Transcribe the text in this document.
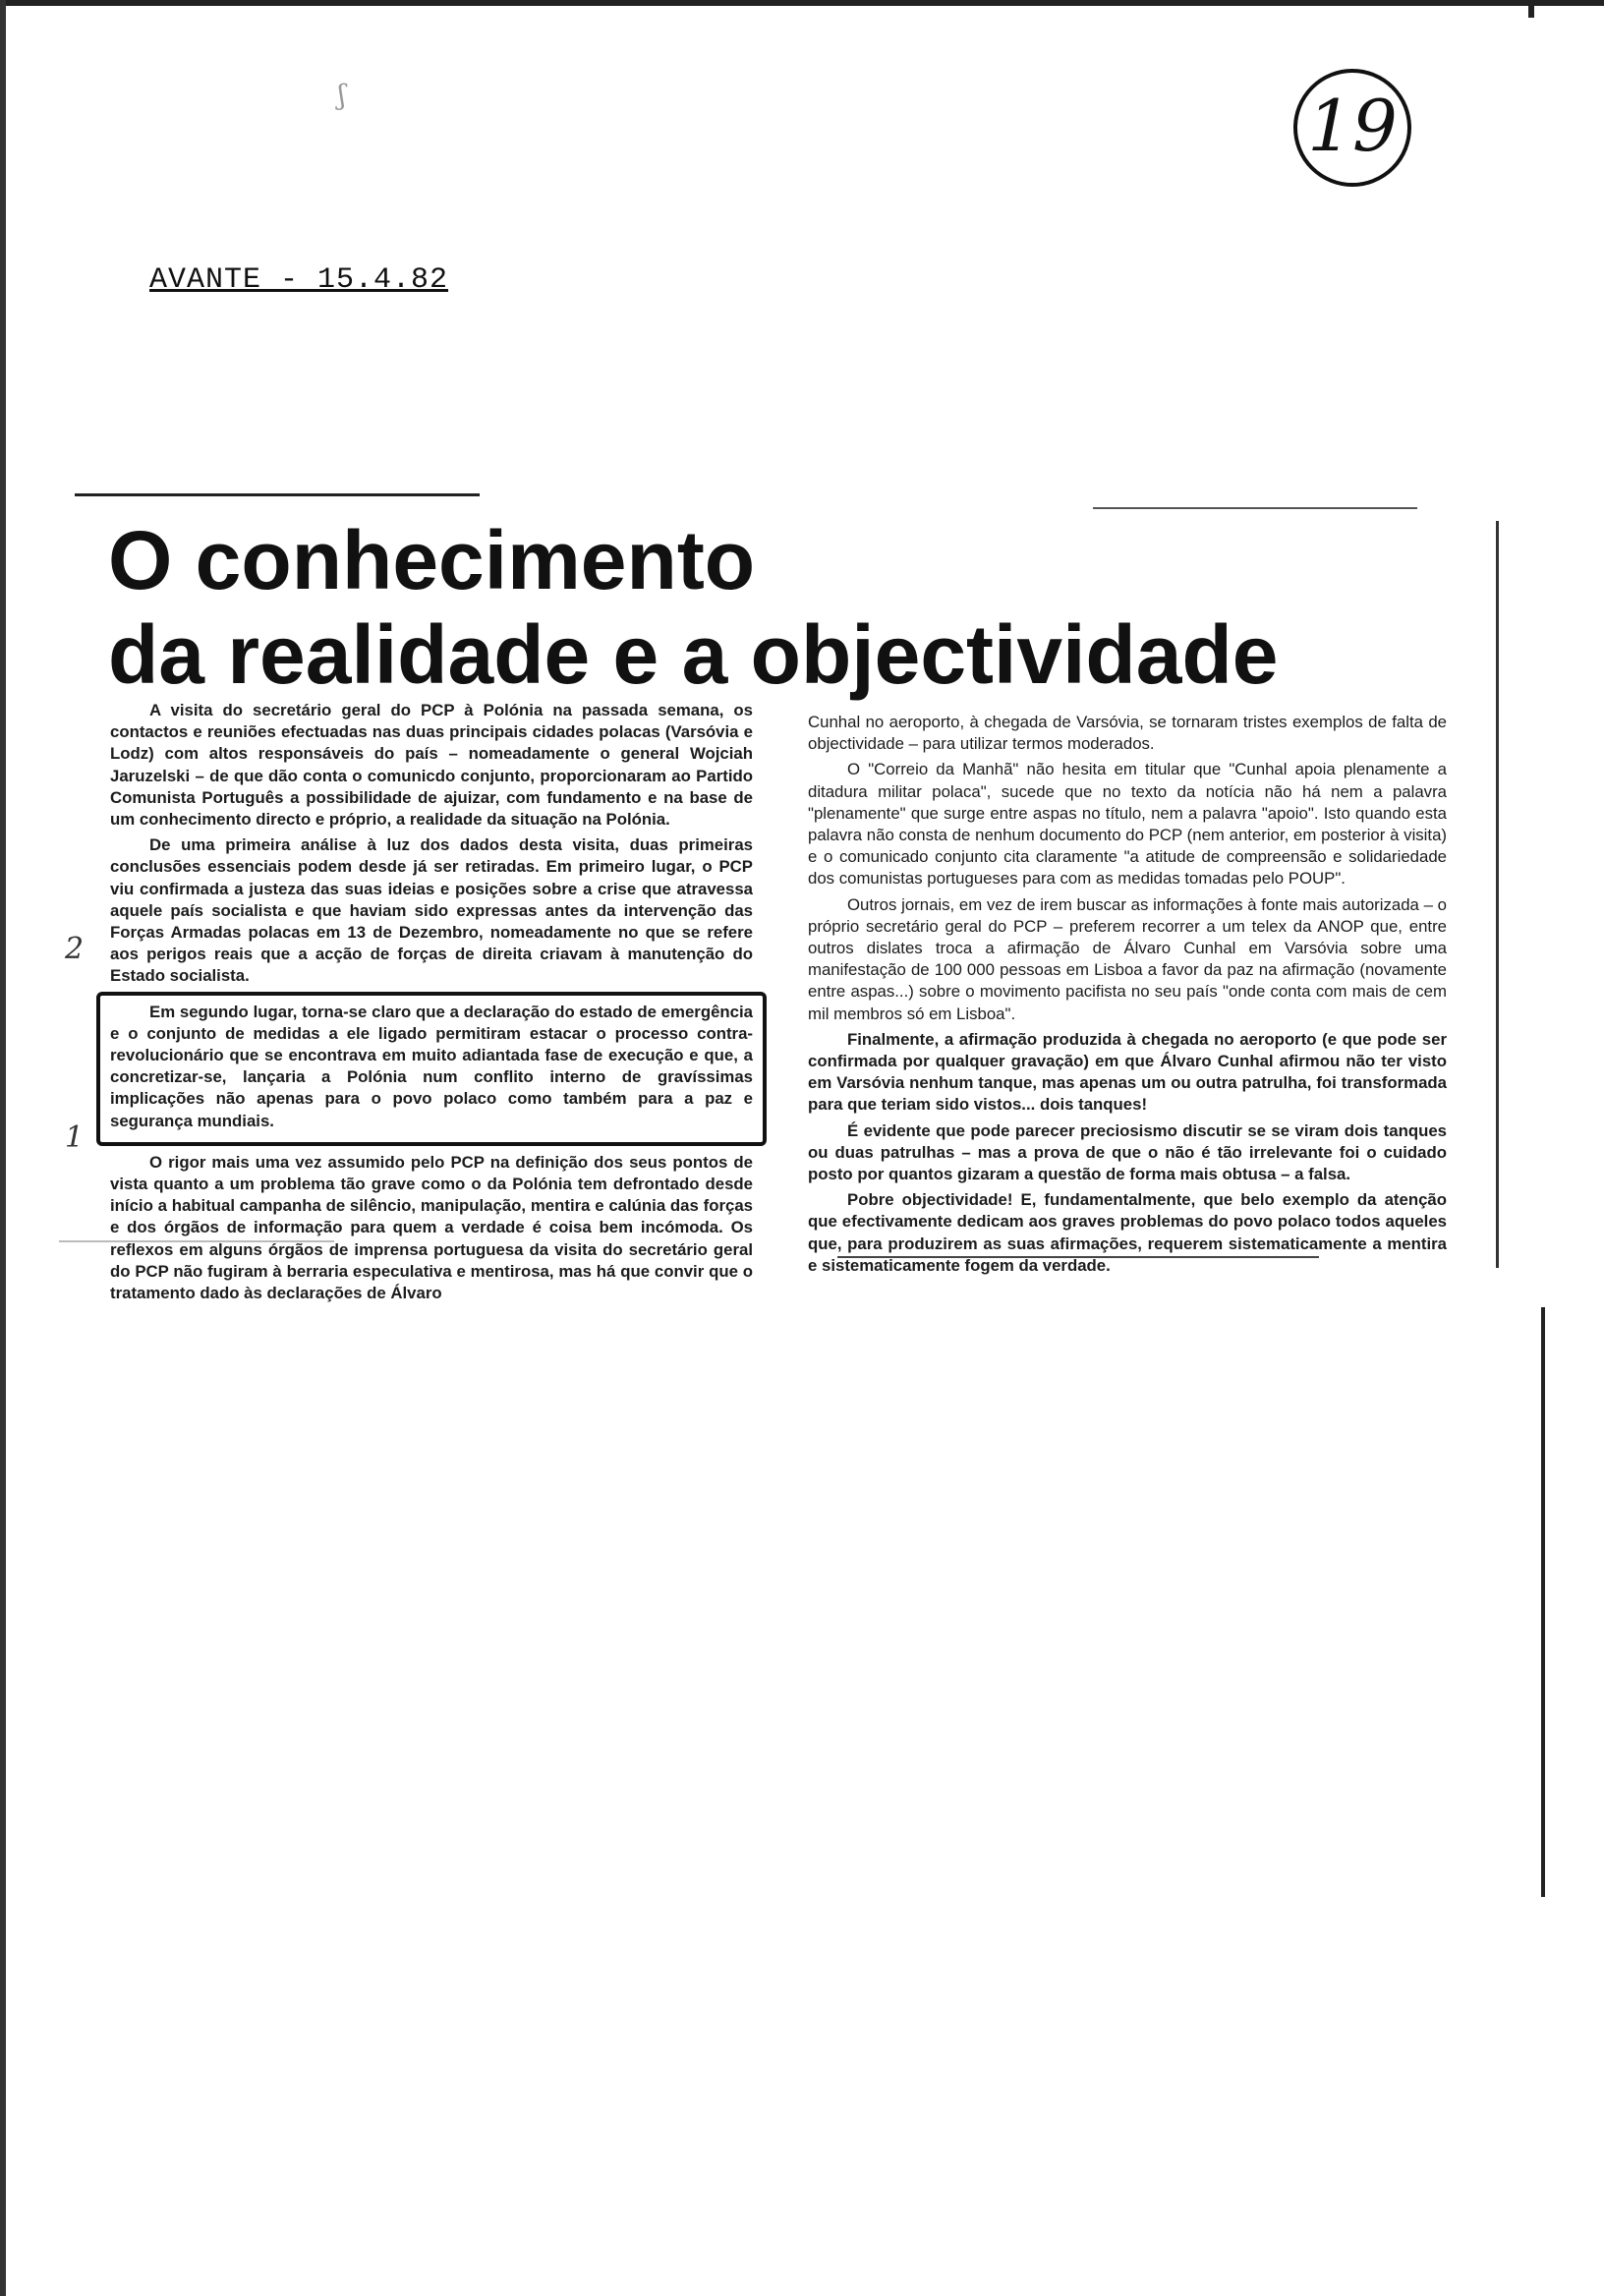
ʃ	19
AVANTE - 15.4.82
O conhecimento
da realidade e a objectividade
2
1

A visita do secretário geral do PCP à Polónia na passada semana, os contactos e reuniões efectuadas nas duas principais cidades polacas (Varsóvia e Lodz) com altos responsáveis do país – nomeadamente o general Wojciah Jaruzelski – de que dão conta o comunicdo conjunto, proporcionaram ao Partido Comunista Português a possibilidade de ajuizar, com fundamento e na base de um conhecimento directo e próprio, a realidade da situação na Polónia.

De uma primeira análise à luz dos dados desta visita, duas primeiras conclusões essenciais podem desde já ser retiradas. Em primeiro lugar, o PCP viu confirmada a justeza das suas ideias e posições sobre a crise que atravessa aquele país socialista e que haviam sido expressas antes da intervenção das Forças Armadas polacas em 13 de Dezembro, nomeadamente no que se refere aos perigos reais que a acção de forças de direita criavam à manutenção do Estado socialista.

Em segundo lugar, torna-se claro que a declaração do estado de emergência e o conjunto de medidas a ele ligado permitiram estacar o processo contra-revolucionário que se encontrava em muito adiantada fase de execução e que, a concretizar-se, lançaria a Polónia num conflito interno de gravíssimas implicações não apenas para o povo polaco como também para a paz e segurança mundiais.

O rigor mais uma vez assumido pelo PCP na definição dos seus pontos de vista quanto a um problema tão grave como o da Polónia tem defrontado desde início a habitual campanha de silêncio, manipulação, mentira e calúnia das forças e dos órgãos de informação para quem a verdade é coisa bem incómoda. Os reflexos em alguns órgãos de imprensa portuguesa da visita do secretário geral do PCP não fugiram à berraria especulativa e mentirosa, mas há que convir que o tratamento dado às declarações de Álvaro

Cunhal no aeroporto, à chegada de Varsóvia, se tornaram tristes exemplos de falta de objectividade – para utilizar termos moderados.

O "Correio da Manhã" não hesita em titular que "Cunhal apoia plenamente a ditadura militar polaca", sucede que no texto da notícia não há nem a palavra "plenamente" que surge entre aspas no título, nem a palavra "apoio". Isto quando esta palavra não consta de nenhum documento do PCP (nem anterior, em posterior à visita) e o comunicado conjunto cita claramente "a atitude de compreensão e solidariedade dos comunistas portugueses para com as medidas tomadas pelo POUP".

Outros jornais, em vez de irem buscar as informações à fonte mais autorizada – o próprio secretário geral do PCP – preferem recorrer a um telex da ANOP que, entre outros dislates troca a afirmação de Álvaro Cunhal em Varsóvia sobre uma manifestação de 100 000 pessoas em Lisboa a favor da paz na afirmação (novamente entre aspas...) sobre o movimento pacifista no seu país "onde conta com mais de cem mil membros só em Lisboa".

Finalmente, a afirmação produzida à chegada no aeroporto (e que pode ser confirmada por qualquer gravação) em que Álvaro Cunhal afirmou não ter visto em Varsóvia nenhum tanque, mas apenas um ou outra patrulha, foi transformada para que teriam sido vistos... dois tanques!

É evidente que pode parecer preciosismo discutir se se viram dois tanques ou duas patrulhas – mas a prova de que o não é tão irrelevante foi o cuidado posto por quantos gizaram a questão de forma mais obtusa – a falsa.

Pobre objectividade! E, fundamentalmente, que belo exemplo da atenção que efectivamente dedicam aos graves problemas do povo polaco todos aqueles que, para produzirem as suas afirmações, requerem sistematicamente a mentira e sistematicamente fogem da verdade.
